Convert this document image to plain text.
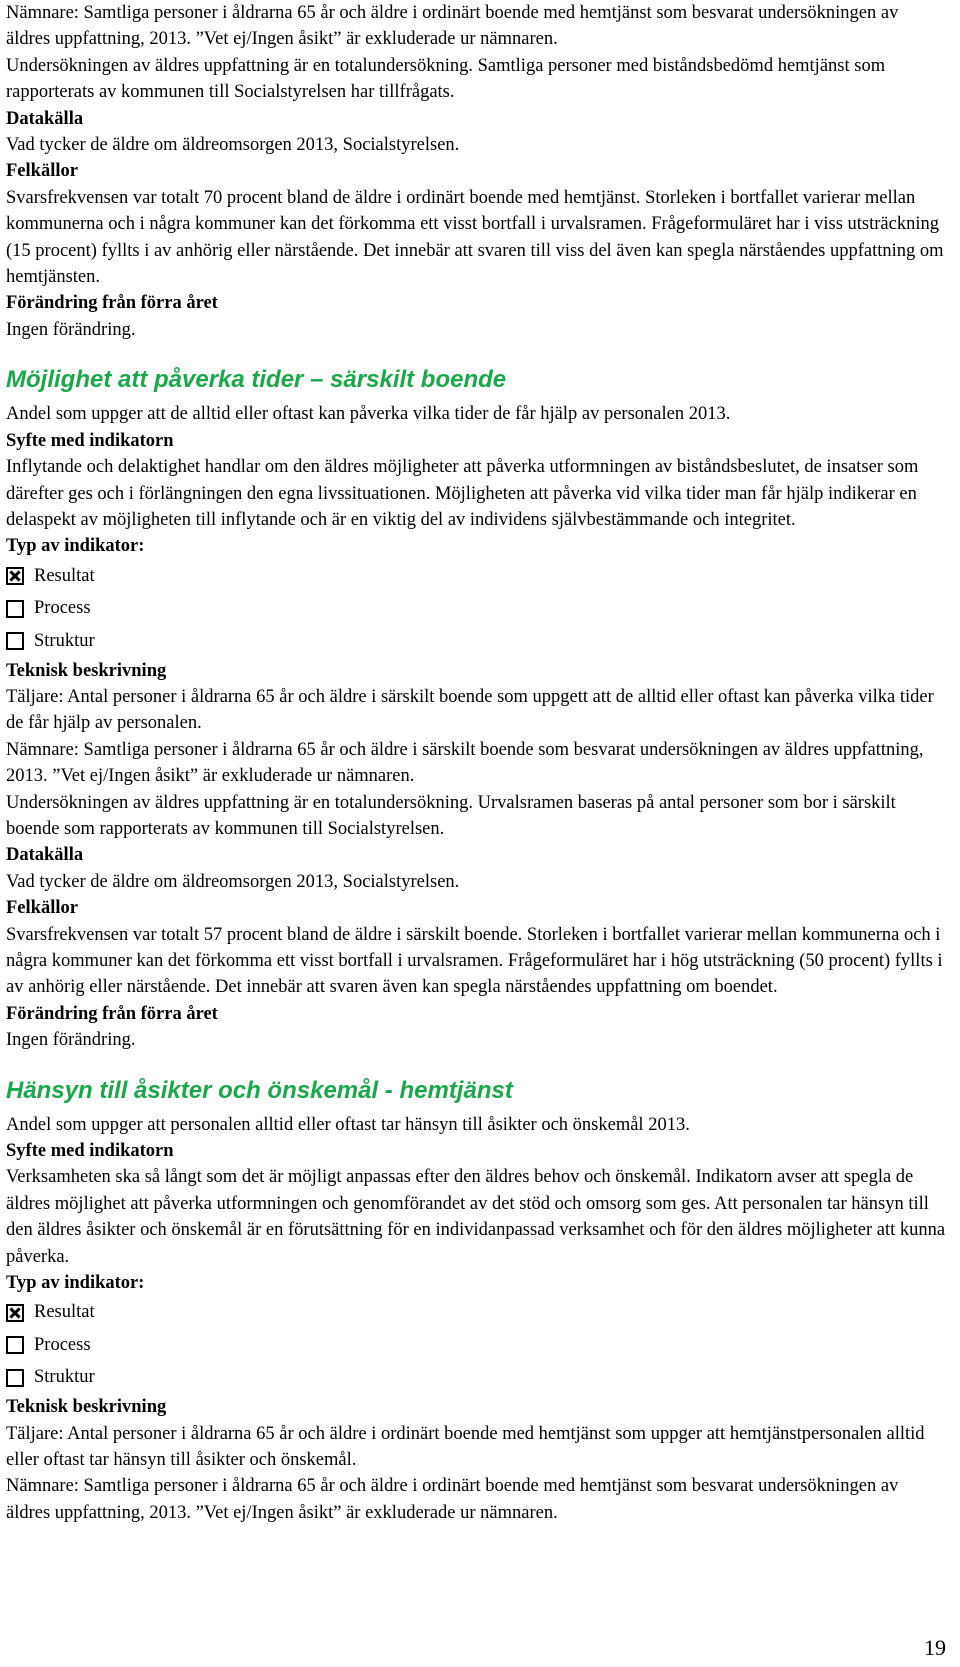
Nämnare: Samtliga personer i åldrarna 65 år och äldre i ordinärt boende med hemtjänst som besvarat undersökningen av äldres uppfattning, 2013. ”Vet ej/Ingen åsikt” är exkluderade ur nämnaren.

Undersökningen av äldres uppfattning är en totalundersökning. Samtliga personer med biståndsbedömd hemtjänst som rapporterats av kommunen till Socialstyrelsen har tillfrågats.

Datakälla

Vad tycker de äldre om äldreomsorgen 2013, Socialstyrelsen.

Felkällor

Svarsfrekvensen var totalt 70 procent bland de äldre i ordinärt boende med hemtjänst. Storleken i bortfallet varierar mellan kommunerna och i några kommuner kan det förkomma ett visst bortfall i urvalsramen. Frågeformuläret har i viss utsträckning (15 procent) fyllts i av anhörig eller närstående. Det innebär att svaren till viss del även kan spegla närståendes uppfattning om hemtjänsten.

Förändring från förra året

Ingen förändring.

Möjlighet att påverka tider – särskilt boende

Andel som uppger att de alltid eller oftast kan påverka vilka tider de får hjälp av personalen 2013.

Syfte med indikatorn

Inflytande och delaktighet handlar om den äldres möjligheter att påverka utformningen av biståndsbeslutet, de insatser som därefter ges och i förlängningen den egna livssituationen. Möjligheten att påverka vid vilka tider man får hjälp indikerar en delaspekt av möjligheten till inflytande och är en viktig del av individens självbestämmande och integritet.

Typ av indikator:

Resultat
Process
Struktur

Teknisk beskrivning

Täljare: Antal personer i åldrarna 65 år och äldre i särskilt boende som uppgett att de alltid eller oftast kan påverka vilka tider de får hjälp av personalen.

Nämnare: Samtliga personer i åldrarna 65 år och äldre i särskilt boende som besvarat undersökningen av äldres uppfattning, 2013. ”Vet ej/Ingen åsikt” är exkluderade ur nämnaren.

Undersökningen av äldres uppfattning är en totalundersökning. Urvalsramen baseras på antal personer som bor i särskilt boende som rapporterats av kommunen till Socialstyrelsen.

Datakälla

Vad tycker de äldre om äldreomsorgen 2013, Socialstyrelsen.

Felkällor

Svarsfrekvensen var totalt 57 procent bland de äldre i särskilt boende. Storleken i bortfallet varierar mellan kommunerna och i några kommuner kan det förkomma ett visst bortfall i urvalsramen. Frågeformuläret har i hög utsträckning (50 procent) fyllts i av anhörig eller närstående. Det innebär att svaren även kan spegla närståendes uppfattning om boendet.

Förändring från förra året

Ingen förändring.

Hänsyn till åsikter och önskemål - hemtjänst

Andel som uppger att personalen alltid eller oftast tar hänsyn till åsikter och önskemål 2013.

Syfte med indikatorn

Verksamheten ska så långt som det är möjligt anpassas efter den äldres behov och önskemål. Indikatorn avser att spegla de äldres möjlighet att påverka utformningen och genomförandet av det stöd och omsorg som ges. Att personalen tar hänsyn till den äldres åsikter och önskemål är en förutsättning för en individanpassad verksamhet och för den äldres möjligheter att kunna påverka.

Typ av indikator:

Resultat
Process
Struktur

Teknisk beskrivning

Täljare: Antal personer i åldrarna 65 år och äldre i ordinärt boende med hemtjänst som uppger att hemtjänstpersonalen alltid eller oftast tar hänsyn till åsikter och önskemål.

Nämnare: Samtliga personer i åldrarna 65 år och äldre i ordinärt boende med hemtjänst som besvarat undersökningen av äldres uppfattning, 2013. ”Vet ej/Ingen åsikt” är exkluderade ur nämnaren.

19
